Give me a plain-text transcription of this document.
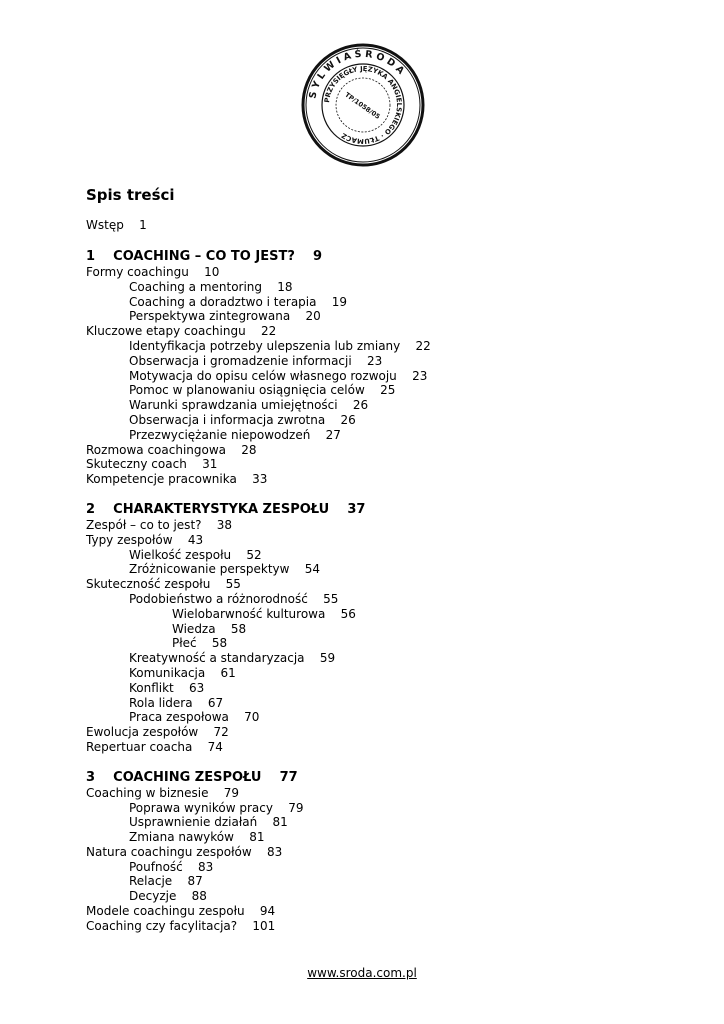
S Y L W I A Ś R O D A
PRZYSIĘGŁY JĘZYKA ANGIELSKIEGO · TŁUMACZ
TP/1058/05
Spis treści
Wstęp 1
1    COACHING – CO TO JEST?    9
Formy coachingu 10
Coaching a mentoring 18
Coaching a doradztwo i terapia 19
Perspektywa zintegrowana 20
Kluczowe etapy coachingu 22
Identyfikacja potrzeby ulepszenia lub zmiany 22
Obserwacja i gromadzenie informacji 23
Motywacja do opisu celów własnego rozwoju 23
Pomoc w planowaniu osiągnięcia celów 25
Warunki sprawdzania umiejętności 26
Obserwacja i informacja zwrotna 26
Przezwyciężanie niepowodzeń 27
Rozmowa coachingowa 28
Skuteczny coach 31
Kompetencje pracownika 33
2    CHARAKTERYSTYKA ZESPOŁU    37
Zespół – co to jest? 38
Typy zespołów 43
Wielkość zespołu 52
Zróżnicowanie perspektyw 54
Skuteczność zespołu 55
Podobieństwo a różnorodność 55
Wielobarwność kulturowa 56
Wiedza 58
Płeć 58
Kreatywność a standaryzacja 59
Komunikacja 61
Konflikt 63
Rola lidera 67
Praca zespołowa 70
Ewolucja zespołów 72
Repertuar coacha 74
3    COACHING ZESPOŁU    77
Coaching w biznesie 79
Poprawa wyników pracy 79
Usprawnienie działań 81
Zmiana nawyków 81
Natura coachingu zespołów 83
Poufność 83
Relacje 87
Decyzje 88
Modele coachingu zespołu 94
Coaching czy facylitacja? 101
www.sroda.com.pl
